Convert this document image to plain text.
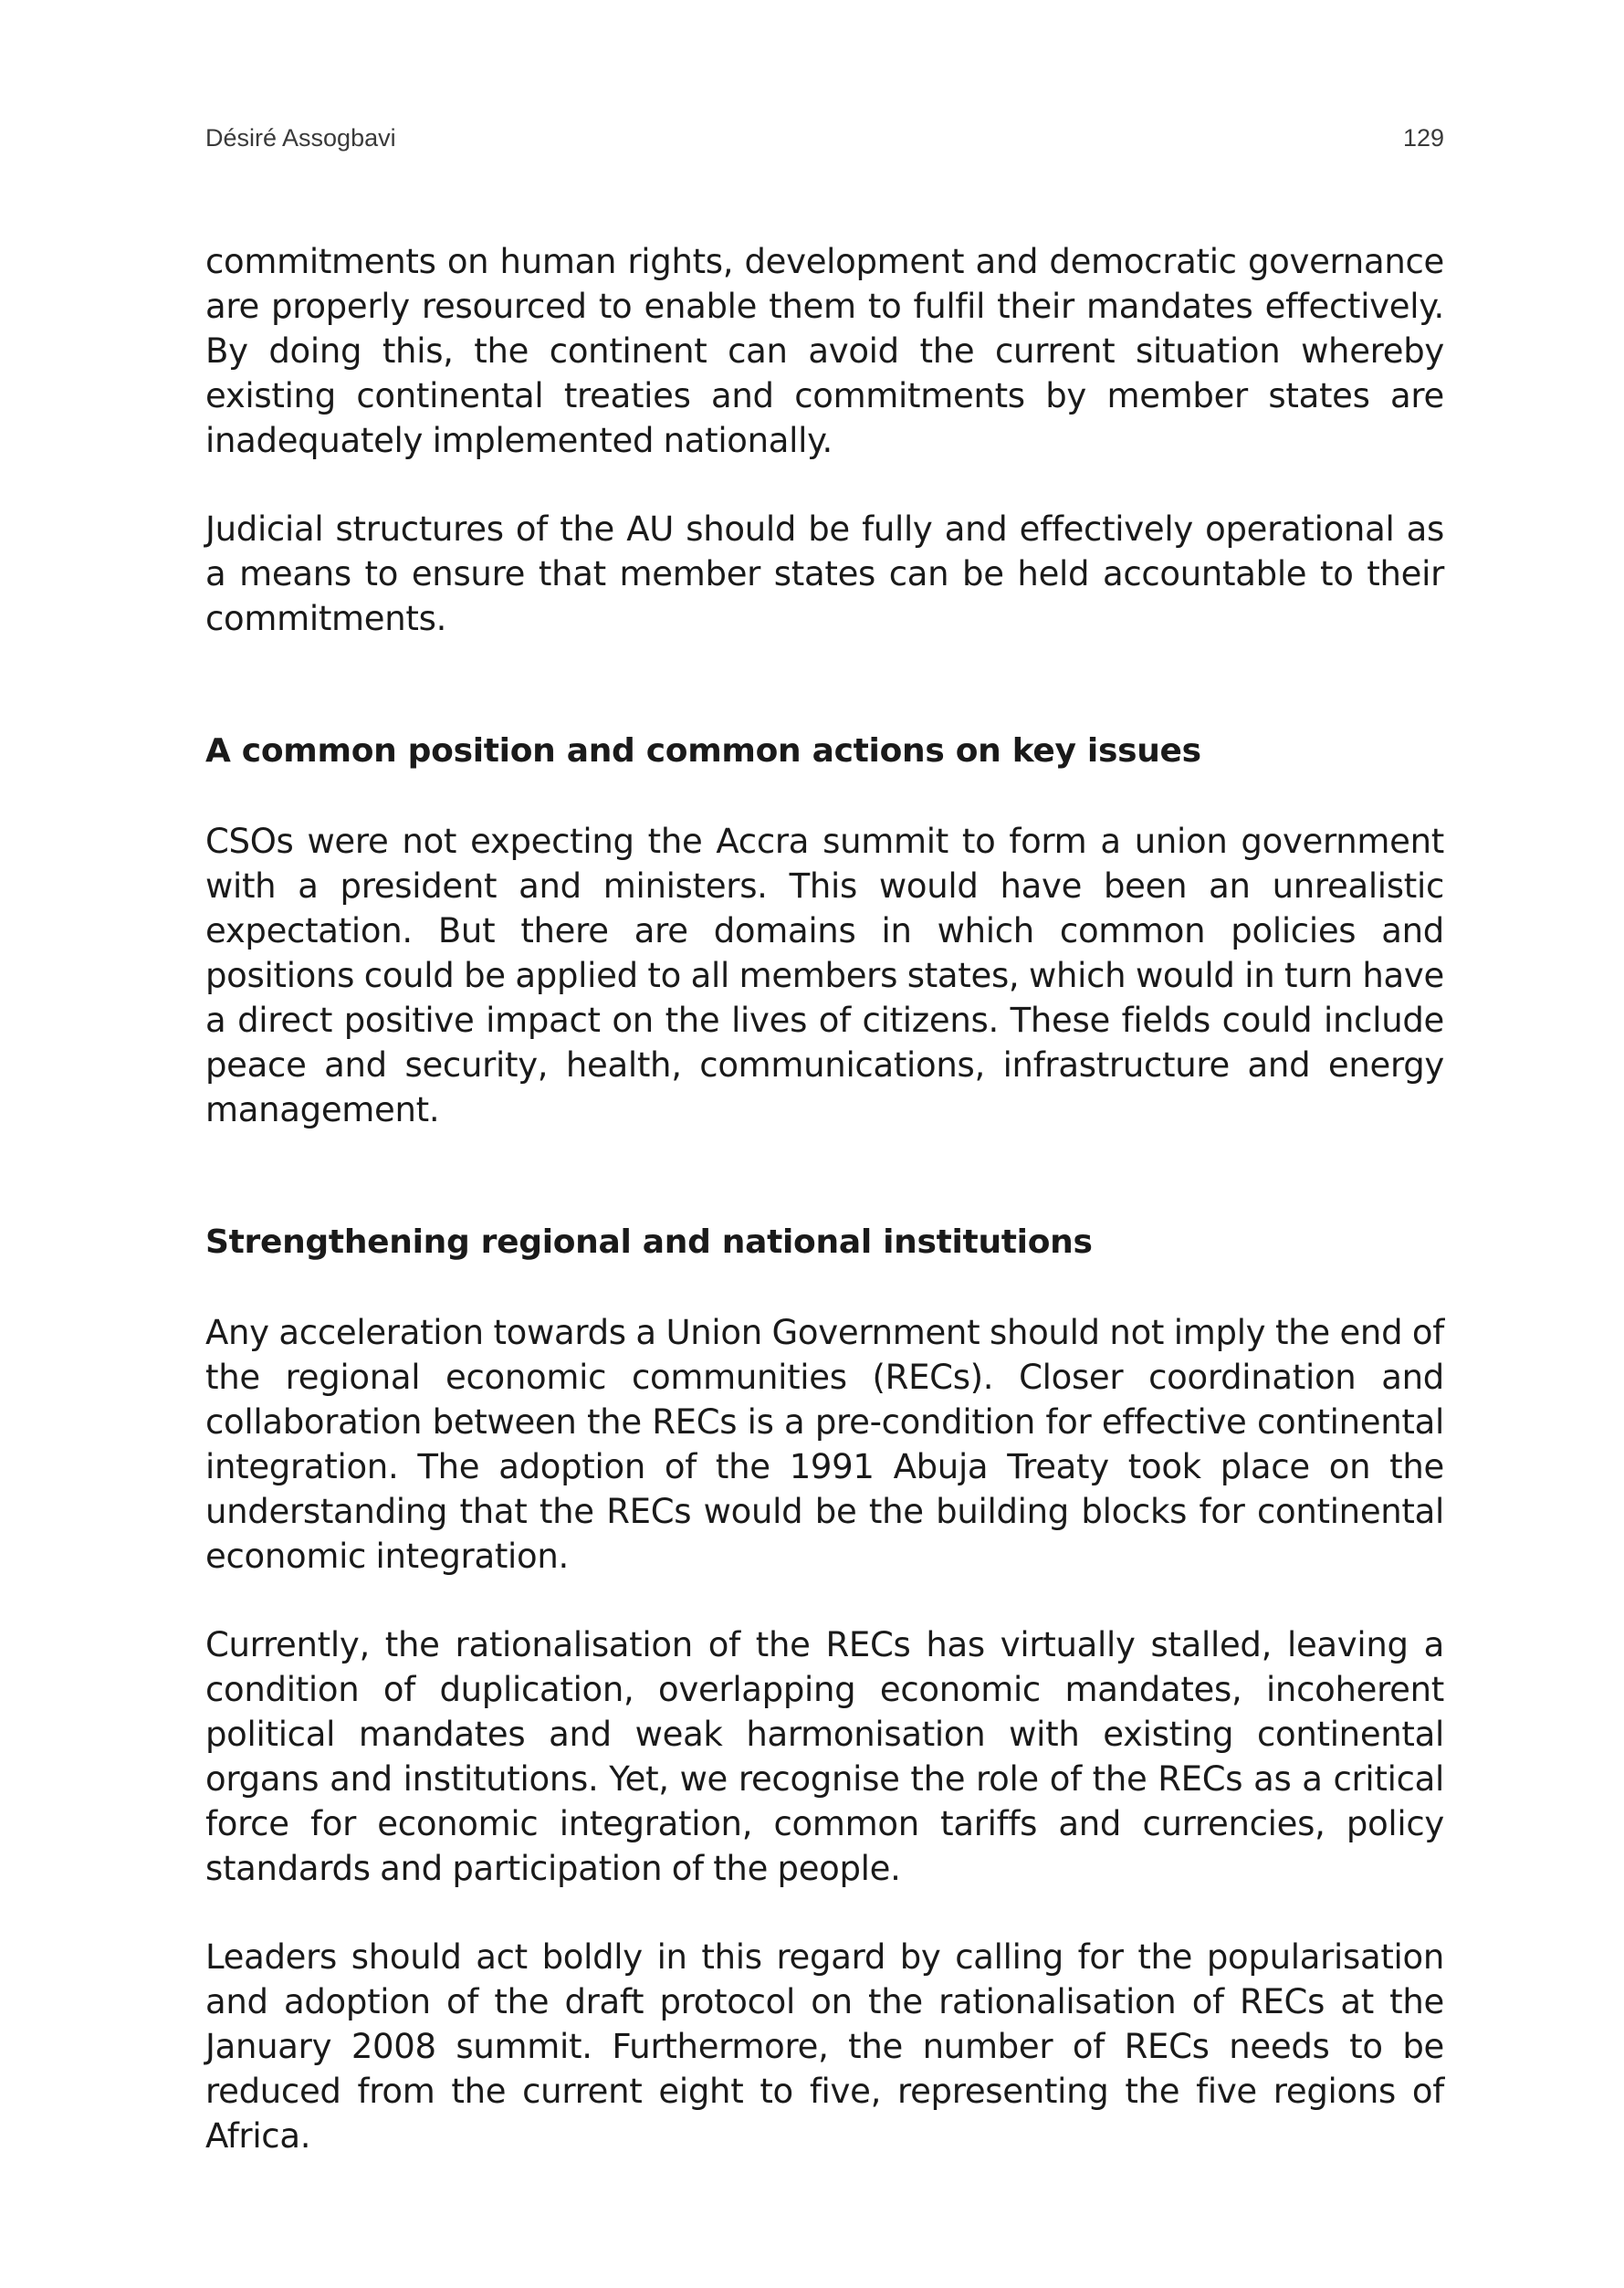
Désiré Assogbavi	129

commitments on human rights, development and democratic governance are properly resourced to enable them to fulfil their mandates effectively. By doing this, the continent can avoid the current situation whereby existing continental treaties and commitments by member states are inadequately implemented nationally.

Judicial structures of the AU should be fully and effectively operational as a means to ensure that member states can be held accountable to their commitments.

A common position and common actions on key issues

CSOs were not expecting the Accra summit to form a union government with a president and ministers. This would have been an unrealistic expectation. But there are domains in which common policies and positions could be applied to all members states, which would in turn have a direct positive impact on the lives of citizens. These fields could include peace and security, health, communications, infrastructure and energy management.

Strengthening regional and national institutions

Any acceleration towards a Union Government should not imply the end of the regional economic communities (RECs). Closer coordination and collaboration between the RECs is a pre-condition for effective continental integration. The adoption of the 1991 Abuja Treaty took place on the understanding that the RECs would be the building blocks for continental economic integration.

Currently, the rationalisation of the RECs has virtually stalled, leaving a condition of duplication, overlapping economic mandates, incoherent political mandates and weak harmonisation with existing continental organs and institutions. Yet, we recognise the role of the RECs as a critical force for economic integration, common tariffs and currencies, policy standards and participation of the people.

Leaders should act boldly in this regard by calling for the popularisation and adoption of the draft protocol on the rationalisation of RECs at the January 2008 summit. Furthermore, the number of RECs needs to be reduced from the current eight to five, representing the five regions of Africa.
